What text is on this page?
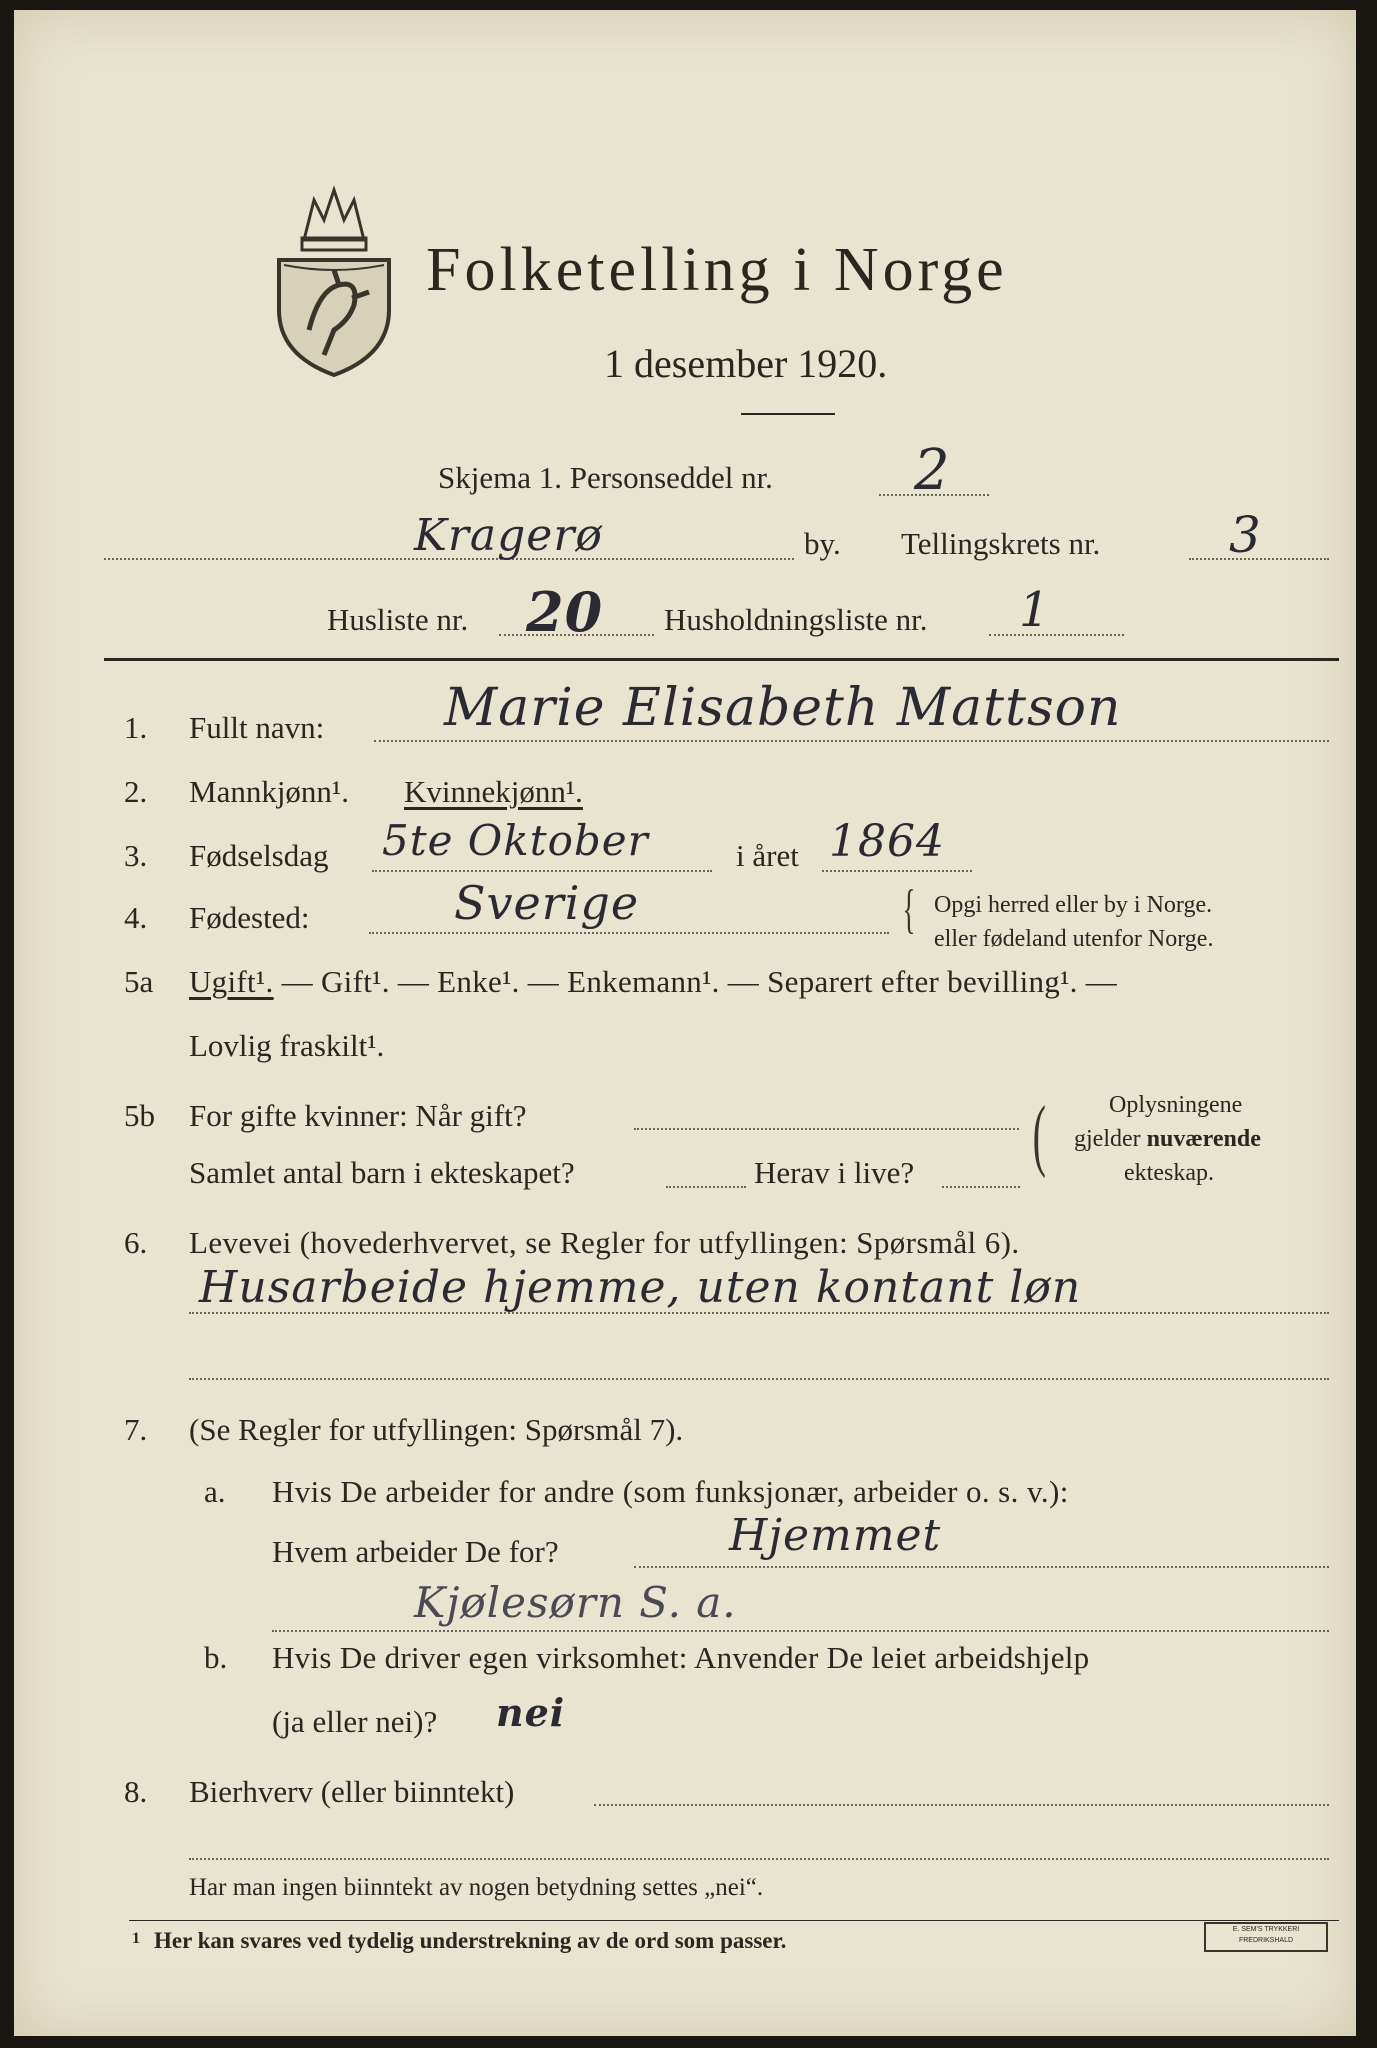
Folketelling i Norge
1 desember 1920.
Skjema 1. Personseddel nr.	2
Kragerø	by. Tellingskrets nr.	3
Husliste nr. 20 Husholdningsliste nr. 1
1. Fullt navn: Marie Elisabeth Mattson
2. Mannkjønn¹. Kvinnekjønn¹.
3. Fødselsdag 5te Oktober	i året 1864
4. Fødested:	Sverige	{ Opgi herred eller by i Norge.
eller fødeland utenfor Norge.
5a Ugift¹. — Gift¹. — Enke¹. — Enkemann¹. — Separert efter bevilling¹. —
Lovlig fraskilt¹.
5b For gifte kvinner: Når gift?
Samlet antal barn i ekteskapet?	Herav i live? (	Oplysningene
gjelder nuværende
ekteskap.
6. Levevei (hovederhvervet, se Regler for utfyllingen: Spørsmål 6).
Husarbeide hjemme, uten kontant løn
7. (Se Regler for utfyllingen: Spørsmål 7).
a. Hvis De arbeider for andre (som funksjonær, arbeider o. s. v.):
Hvem arbeider De for?	Hjemmet
Kjølesørn S. a.
b. Hvis De driver egen virksomhet: Anvender De leiet arbeidshjelp
(ja eller nei)? nei
8. Bierhverv (eller biinntekt)
Har man ingen biinntekt av nogen betydning settes „nei“.
1 Her kan svares ved tydelig understrekning av de ord som passer.	E. SEM'S TRYKKERI
FREDRIKSHALD
